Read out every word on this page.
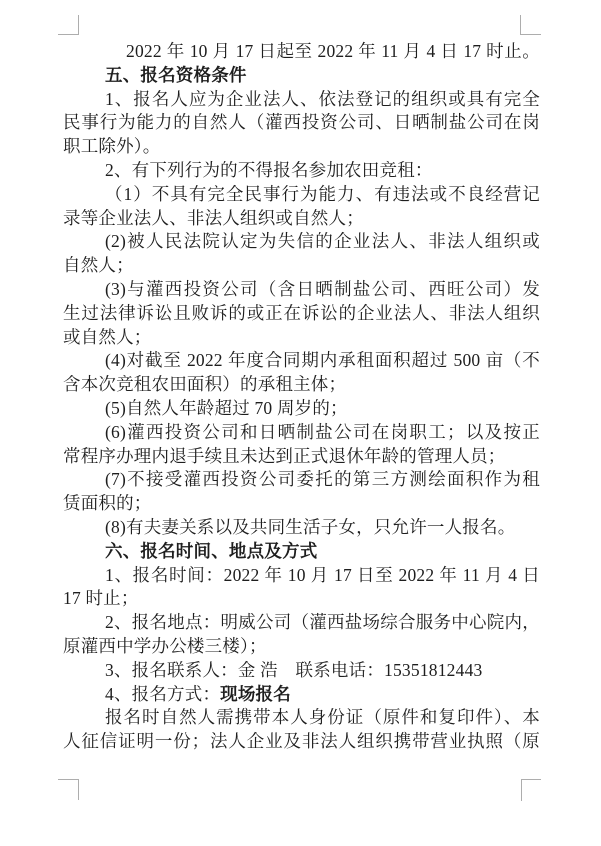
2022 年 10 月 17 日起至 2022 年 11 月 4 日 17 时止。
五、报名资格条件
1、报名人应为企业法人、依法登记的组织或具有完全
民事行为能力的自然人（灌西投资公司、日晒制盐公司在岗
职工除外）。
2、有下列行为的不得报名参加农田竞租：
（1）不具有完全民事行为能力、有违法或不良经营记
录等企业法人、非法人组织或自然人；
(2)被人民法院认定为失信的企业法人、非法人组织或
自然人；
(3)与灌西投资公司（含日晒制盐公司、西旺公司）发
生过法律诉讼且败诉的或正在诉讼的企业法人、非法人组织
或自然人；
(4)对截至 2022 年度合同期内承租面积超过 500 亩（不
含本次竞租农田面积）的承租主体；
(5)自然人年龄超过 70 周岁的；
(6)灌西投资公司和日晒制盐公司在岗职工；以及按正
常程序办理内退手续且未达到正式退休年龄的管理人员；
(7)不接受灌西投资公司委托的第三方测绘面积作为租
赁面积的；
(8)有夫妻关系以及共同生活子女，只允许一人报名。
六、报名时间、地点及方式
1、报名时间：2022 年 10 月 17 日至 2022 年 11 月 4 日
17 时止；
2、报名地点：明威公司（灌西盐场综合服务中心院内，
原灌西中学办公楼三楼）；
3、报名联系人：金 浩　联系电话：15351812443
4、报名方式：现场报名
报名时自然人需携带本人身份证（原件和复印件）、本
人征信证明一份；法人企业及非法人组织携带营业执照（原
